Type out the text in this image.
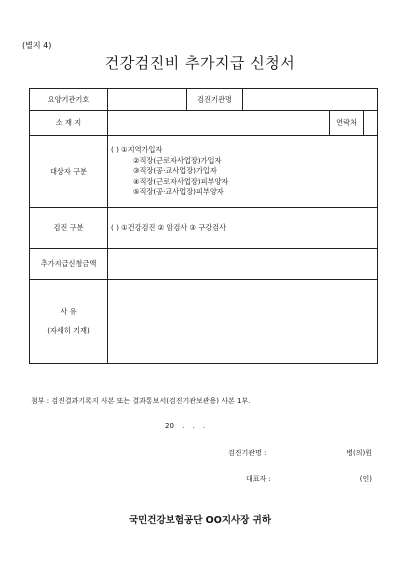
(별지 4)
건강검진비 추가지급 신청서
요양기관기호		검진기관명			
소 재 지				연락처	
대상자 구분	( ) ①지역가입자
②직장(근로자사업장)가입자
③직장(공·교사업장)가입자
④직장(근로자사업장)피부양자
⑤직장(공·교사업장)피부양자				

검진 구분	( ) ①건강검진 ② 암검사 ③ 구강검사				
추가지급신청금액					

사 유
(자세히 기재)					

첨부 : 검진결과기록지 사본 또는 결과통보서(검진기관보관용) 사본 1부.
20 . . .
검진기관명 :	병(의)원
대표자 :	(인)
국민건강보험공단 OO지사장 귀하
